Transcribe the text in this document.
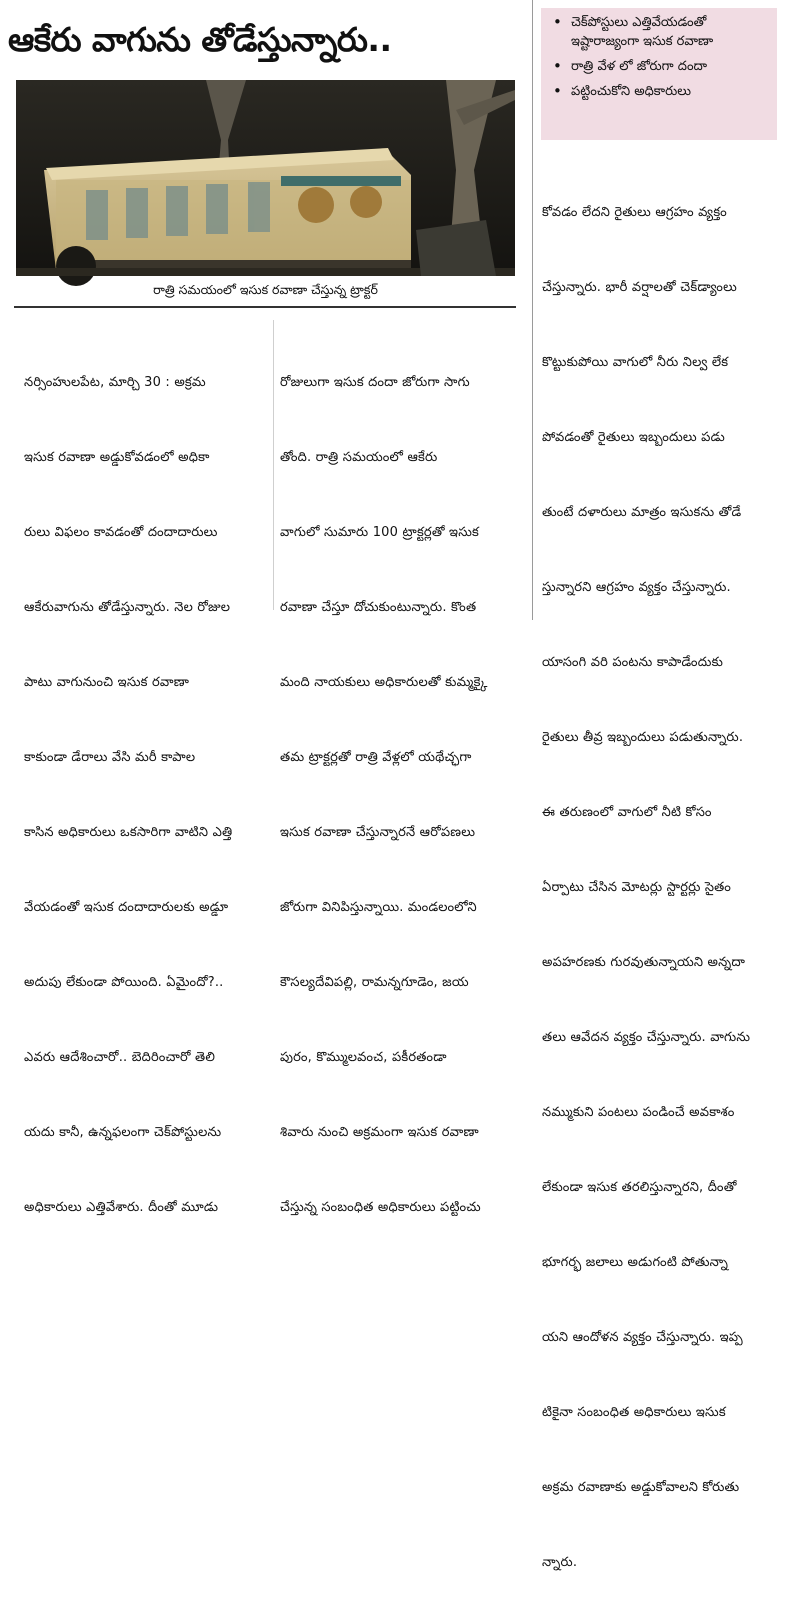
ఆకేరు వాగును తోడేస్తున్నారు..	• చెక్‌పోస్టులు ఎత్తివేయడంతో ఇష్టారాజ్యంగా ఇసుక రవాణా
• రాత్రి వేళ లో జోరుగా దందా
• పట్టించుకోని అధికారులు
రాత్రి సమయంలో ఇసుక రవాణా చేస్తున్న ట్రాక్టర్

నర్సింహులపేట, మార్చి 30 : అక్రమ

ఇసుక రవాణా అడ్డుకోవడంలో అధికా

రులు విఫలం కావడంతో దందాదారులు

ఆకేరువాగును తోడేస్తున్నారు. నెల రోజుల

పాటు వాగునుంచి ఇసుక రవాణా

కాకుండా డేరాలు వేసి మరీ కాపాల

కాసిన అధికారులు ఒకసారిగా వాటిని ఎత్తి

వేయడంతో ఇసుక దందాదారులకు అడ్డూ

అదుపు లేకుండా పోయింది. ఏమైందో?..

ఎవరు ఆదేశించారో.. బెదిరించారో తెలి

యదు కానీ, ఉన్నఫలంగా చెక్‌పోస్టులను

అధికారులు ఎత్తివేశారు. దీంతో మూడు

రోజులుగా ఇసుక దందా జోరుగా సాగు

తోంది. రాత్రి సమయంలో ఆకేరు

వాగులో సుమారు 100 ట్రాక్టర్లతో ఇసుక

రవాణా చేస్తూ దోచుకుంటున్నారు. కొంత

మంది నాయకులు అధికారులతో కుమ్మక్కై

తమ ట్రాక్టర్లతో రాత్రి వేళ్లలో యథేచ్ఛగా

ఇసుక రవాణా చేస్తున్నారనే ఆరోపణలు

జోరుగా వినిపిస్తున్నాయి. మండలంలోని

కౌసల్యదేవిపల్లి, రామన్నగూడెం, జయ

పురం, కొమ్ములవంచ, పకీరతండా

శివారు నుంచి అక్రమంగా ఇసుక రవాణా

చేస్తున్న సంబంధిత అధికారులు పట్టించు

కోవడం లేదని రైతులు ఆగ్రహం వ్యక్తం

చేస్తున్నారు. భారీ వర్షాలతో చెక్‌డ్యాంలు

కొట్టుకుపోయి వాగులో నీరు నిల్వ లేక

పోవడంతో రైతులు ఇబ్బందులు పడు

తుంటే దళారులు మాత్రం ఇసుకను తోడే

స్తున్నారని ఆగ్రహం వ్యక్తం చేస్తున్నారు.

యాసంగి వరి పంటను కాపాడేందుకు

రైతులు తీవ్ర ఇబ్బందులు పడుతున్నారు.

ఈ తరుణంలో వాగులో నీటి కోసం

ఏర్పాటు చేసిన మోటర్లు స్టార్టర్లు సైతం

అపహరణకు గురవుతున్నాయని అన్నదా

తలు ఆవేదన వ్యక్తం చేస్తున్నారు. వాగును

నమ్ముకుని పంటలు పండించే అవకాశం

లేకుండా ఇసుక తరలిస్తున్నారని, దీంతో

భూగర్భ జలాలు అడుగంటి పోతున్నా

యని ఆందోళన వ్యక్తం చేస్తున్నారు. ఇప్ప

టికైనా సంబంధిత అధికారులు ఇసుక

అక్రమ రవాణాకు అడ్డుకోవాలని కోరుతు

న్నారు.
